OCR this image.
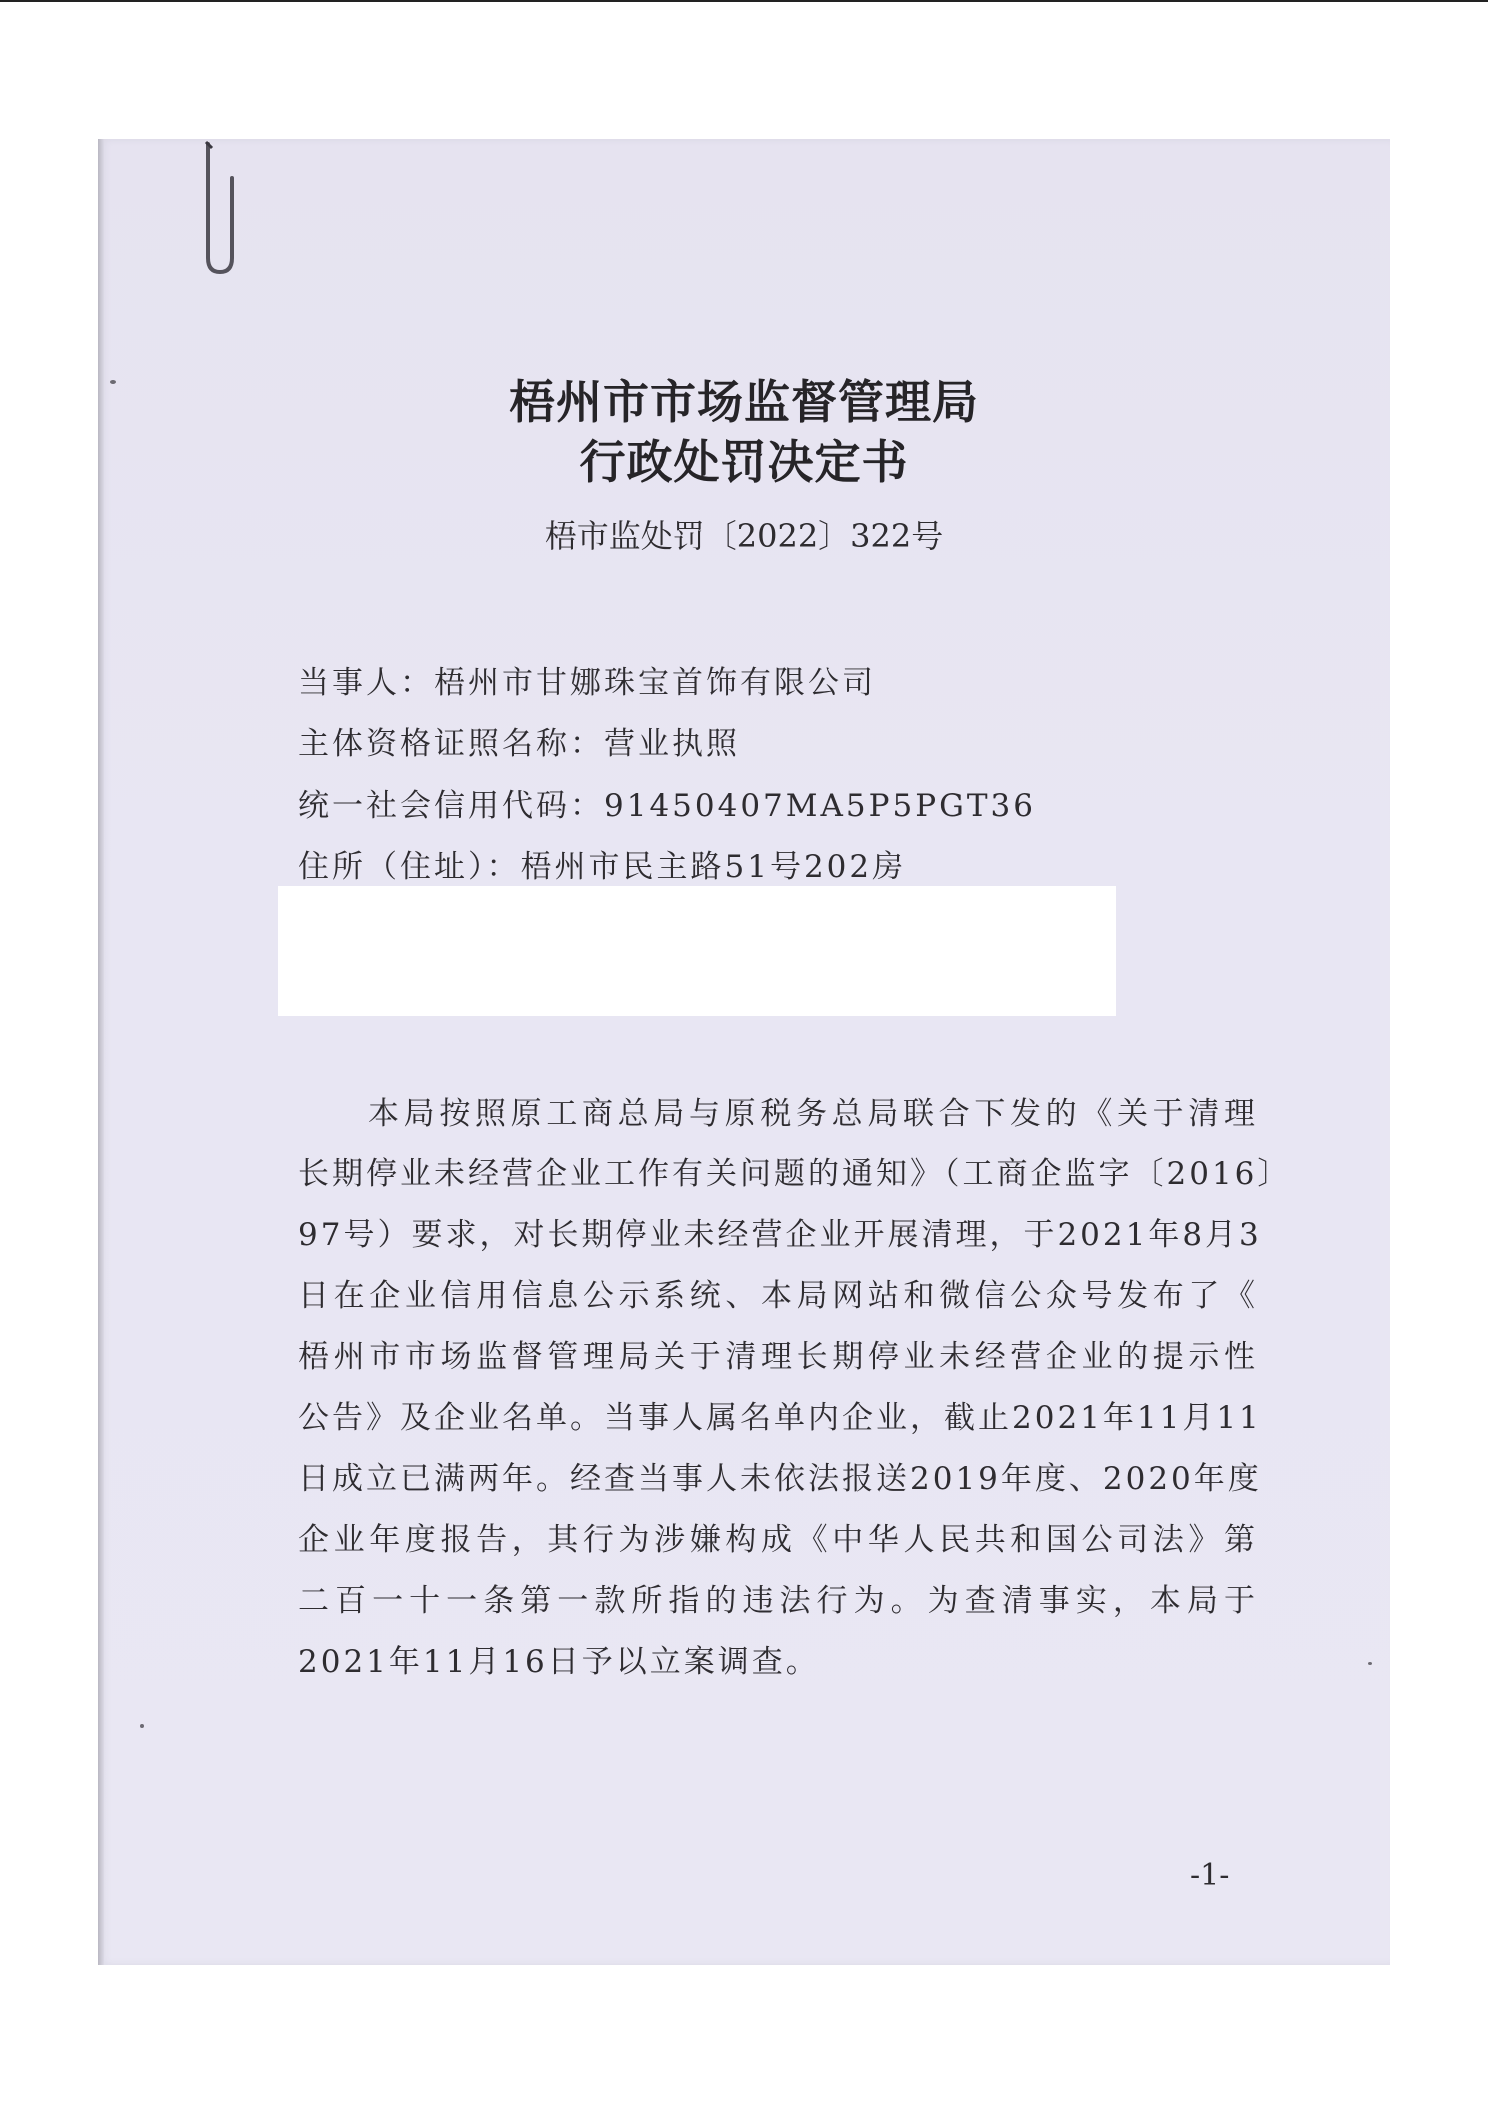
梧州市市场监督管理局
行政处罚决定书
梧市监处罚〔2022〕322号
当事人：梧州市甘娜珠宝首饰有限公司
主体资格证照名称：营业执照
统一社会信用代码：91450407MA5P5PGT36
住所（住址）：梧州市民主路51号202房
本局按照原工商总局与原税务总局联合下发的《关于清理
长期停业未经营企业工作有关问题的通知》（工商企监字〔2016〕
97号）要求，对长期停业未经营企业开展清理，于2021年8月3
日在企业信用信息公示系统、本局网站和微信公众号发布了《
梧州市市场监督管理局关于清理长期停业未经营企业的提示性
公告》及企业名单。当事人属名单内企业，截止2021年11月11
日成立已满两年。经查当事人未依法报送2019年度、2020年度
企业年度报告，其行为涉嫌构成《中华人民共和国公司法》第
二百一十一条第一款所指的违法行为。为查清事实，本局于
2021年11月16日予以立案调查。
-1-
